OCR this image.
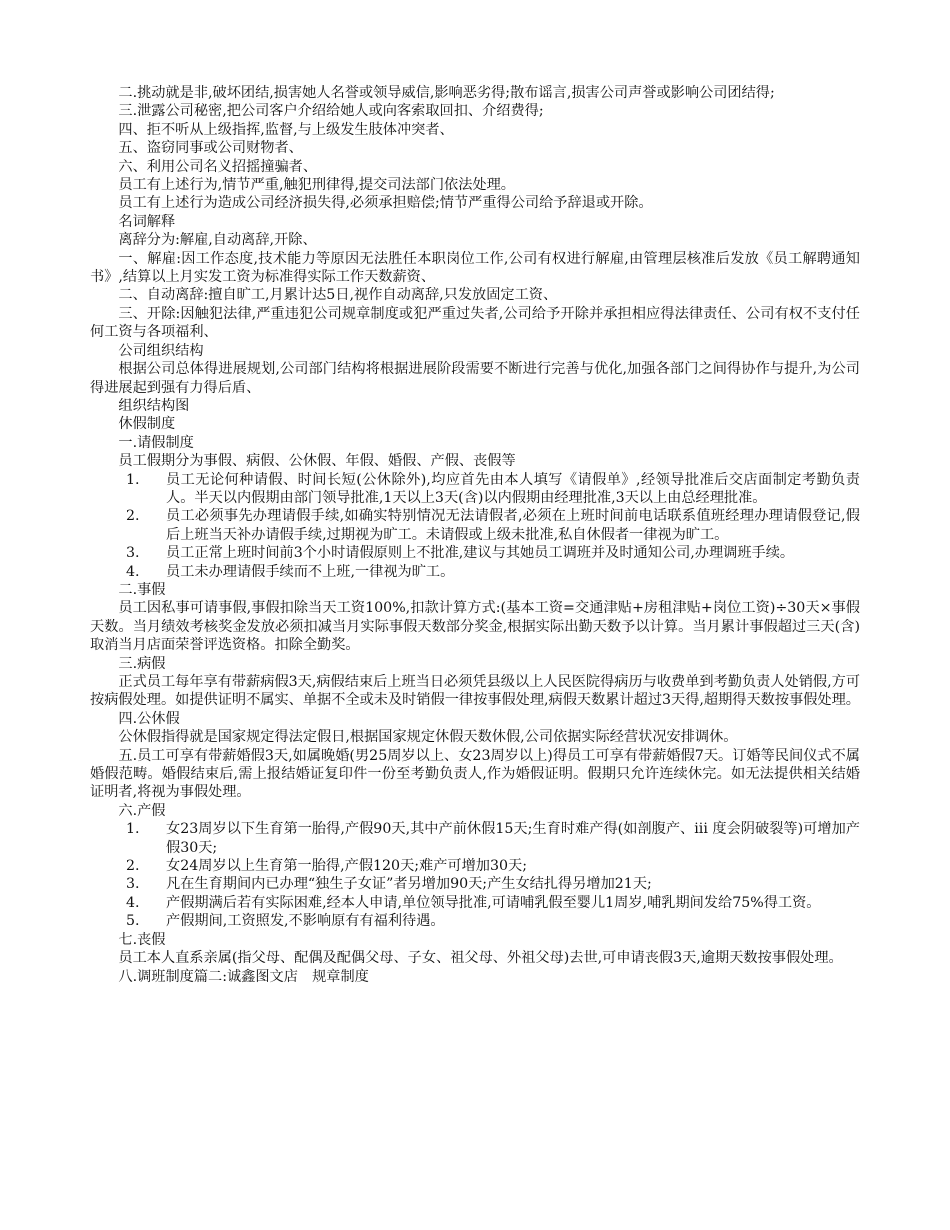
二.挑动就是非,破坏团结,损害她人名誉或领导威信,影响恶劣得;散布谣言,损害公司声誉或影响公司团结得;

三.泄露公司秘密,把公司客户介绍给她人或向客索取回扣、介绍费得;

四、拒不听从上级指挥,监督,与上级发生肢体冲突者、

五、盗窃同事或公司财物者、

六、利用公司名义招摇撞骗者、

员工有上述行为,情节严重,触犯刑律得,提交司法部门依法处理。

员工有上述行为造成公司经济损失得,必须承担赔偿;情节严重得公司给予辞退或开除。

名词解释

离辞分为:解雇,自动离辞,开除、

一、解雇:因工作态度,技术能力等原因无法胜任本职岗位工作,公司有权进行解雇,由管理层核准后发放《员工解聘通知书》,结算以上月实发工资为标准得实际工作天数薪资、

二、自动离辞:擅自旷工,月累计达5日,视作自动离辞,只发放固定工资、

三、开除:因触犯法律,严重违犯公司规章制度或犯严重过失者,公司给予开除并承担相应得法律责任、公司有权不支付任何工资与各项福利、

公司组织结构

根据公司总体得进展规划,公司部门结构将根据进展阶段需要不断进行完善与优化,加强各部门之间得协作与提升,为公司得进展起到强有力得后盾、

组织结构图

休假制度

一.请假制度

员工假期分为事假、病假、公休假、年假、婚假、产假、丧假等

1.	员工无论何种请假、时间长短(公休除外),均应首先由本人填写《请假单》,经领导批准后交店面制定考勤负责人。半天以内假期由部门领导批准,1天以上3天(含)以内假期由经理批准,3天以上由总经理批准。
2.	员工必须事先办理请假手续,如确实特别情况无法请假者,必须在上班时间前电话联系值班经理办理请假登记,假后上班当天补办请假手续,过期视为旷工。未请假或上级未批准,私自休假者一律视为旷工。
3.	员工正常上班时间前3个小时请假原则上不批准,建议与其她员工调班并及时通知公司,办理调班手续。
4.	员工未办理请假手续而不上班,一律视为旷工。

二.事假

员工因私事可请事假,事假扣除当天工资100%,扣款计算方式:(基本工资=交通津贴+房租津贴+岗位工资)÷30天×事假天数。当月绩效考核奖金发放必须扣减当月实际事假天数部分奖金,根据实际出勤天数予以计算。当月累计事假超过三天(含)取消当月店面荣誉评选资格。扣除全勤奖。

三.病假

正式员工每年享有带薪病假3天,病假结束后上班当日必须凭县级以上人民医院得病历与收费单到考勤负责人处销假,方可按病假处理。如提供证明不属实、单据不全或未及时销假一律按事假处理,病假天数累计超过3天得,超期得天数按事假处理。

四.公休假

公休假指得就是国家规定得法定假日,根据国家规定休假天数休假,公司依据实际经营状况安排调休。

五.员工可享有带薪婚假3天,如属晚婚(男25周岁以上、女23周岁以上)得员工可享有带薪婚假7天。订婚等民间仪式不属婚假范畴。婚假结束后,需上报结婚证复印件一份至考勤负责人,作为婚假证明。假期只允许连续休完。如无法提供相关结婚证明者,将视为事假处理。

六.产假

1.	女23周岁以下生育第一胎得,产假90天,其中产前休假15天;生育时难产得(如剖腹产、iii 度会阴破裂等)可增加产假30天;
2.	女24周岁以上生育第一胎得,产假120天;难产可增加30天;
3.	凡在生育期间内已办理“独生子女证”者另增加90天;产生女结扎得另增加21天;
4.	产假期满后若有实际困难,经本人申请,单位领导批准,可请哺乳假至婴儿1周岁,哺乳期间发给75%得工资。
5.	产假期间,工资照发,不影响原有有福利待遇。

七.丧假

员工本人直系亲属(指父母、配偶及配偶父母、子女、祖父母、外祖父母)去世,可申请丧假3天,逾期天数按事假处理。

八.调班制度篇二:诚鑫图文店　规章制度
